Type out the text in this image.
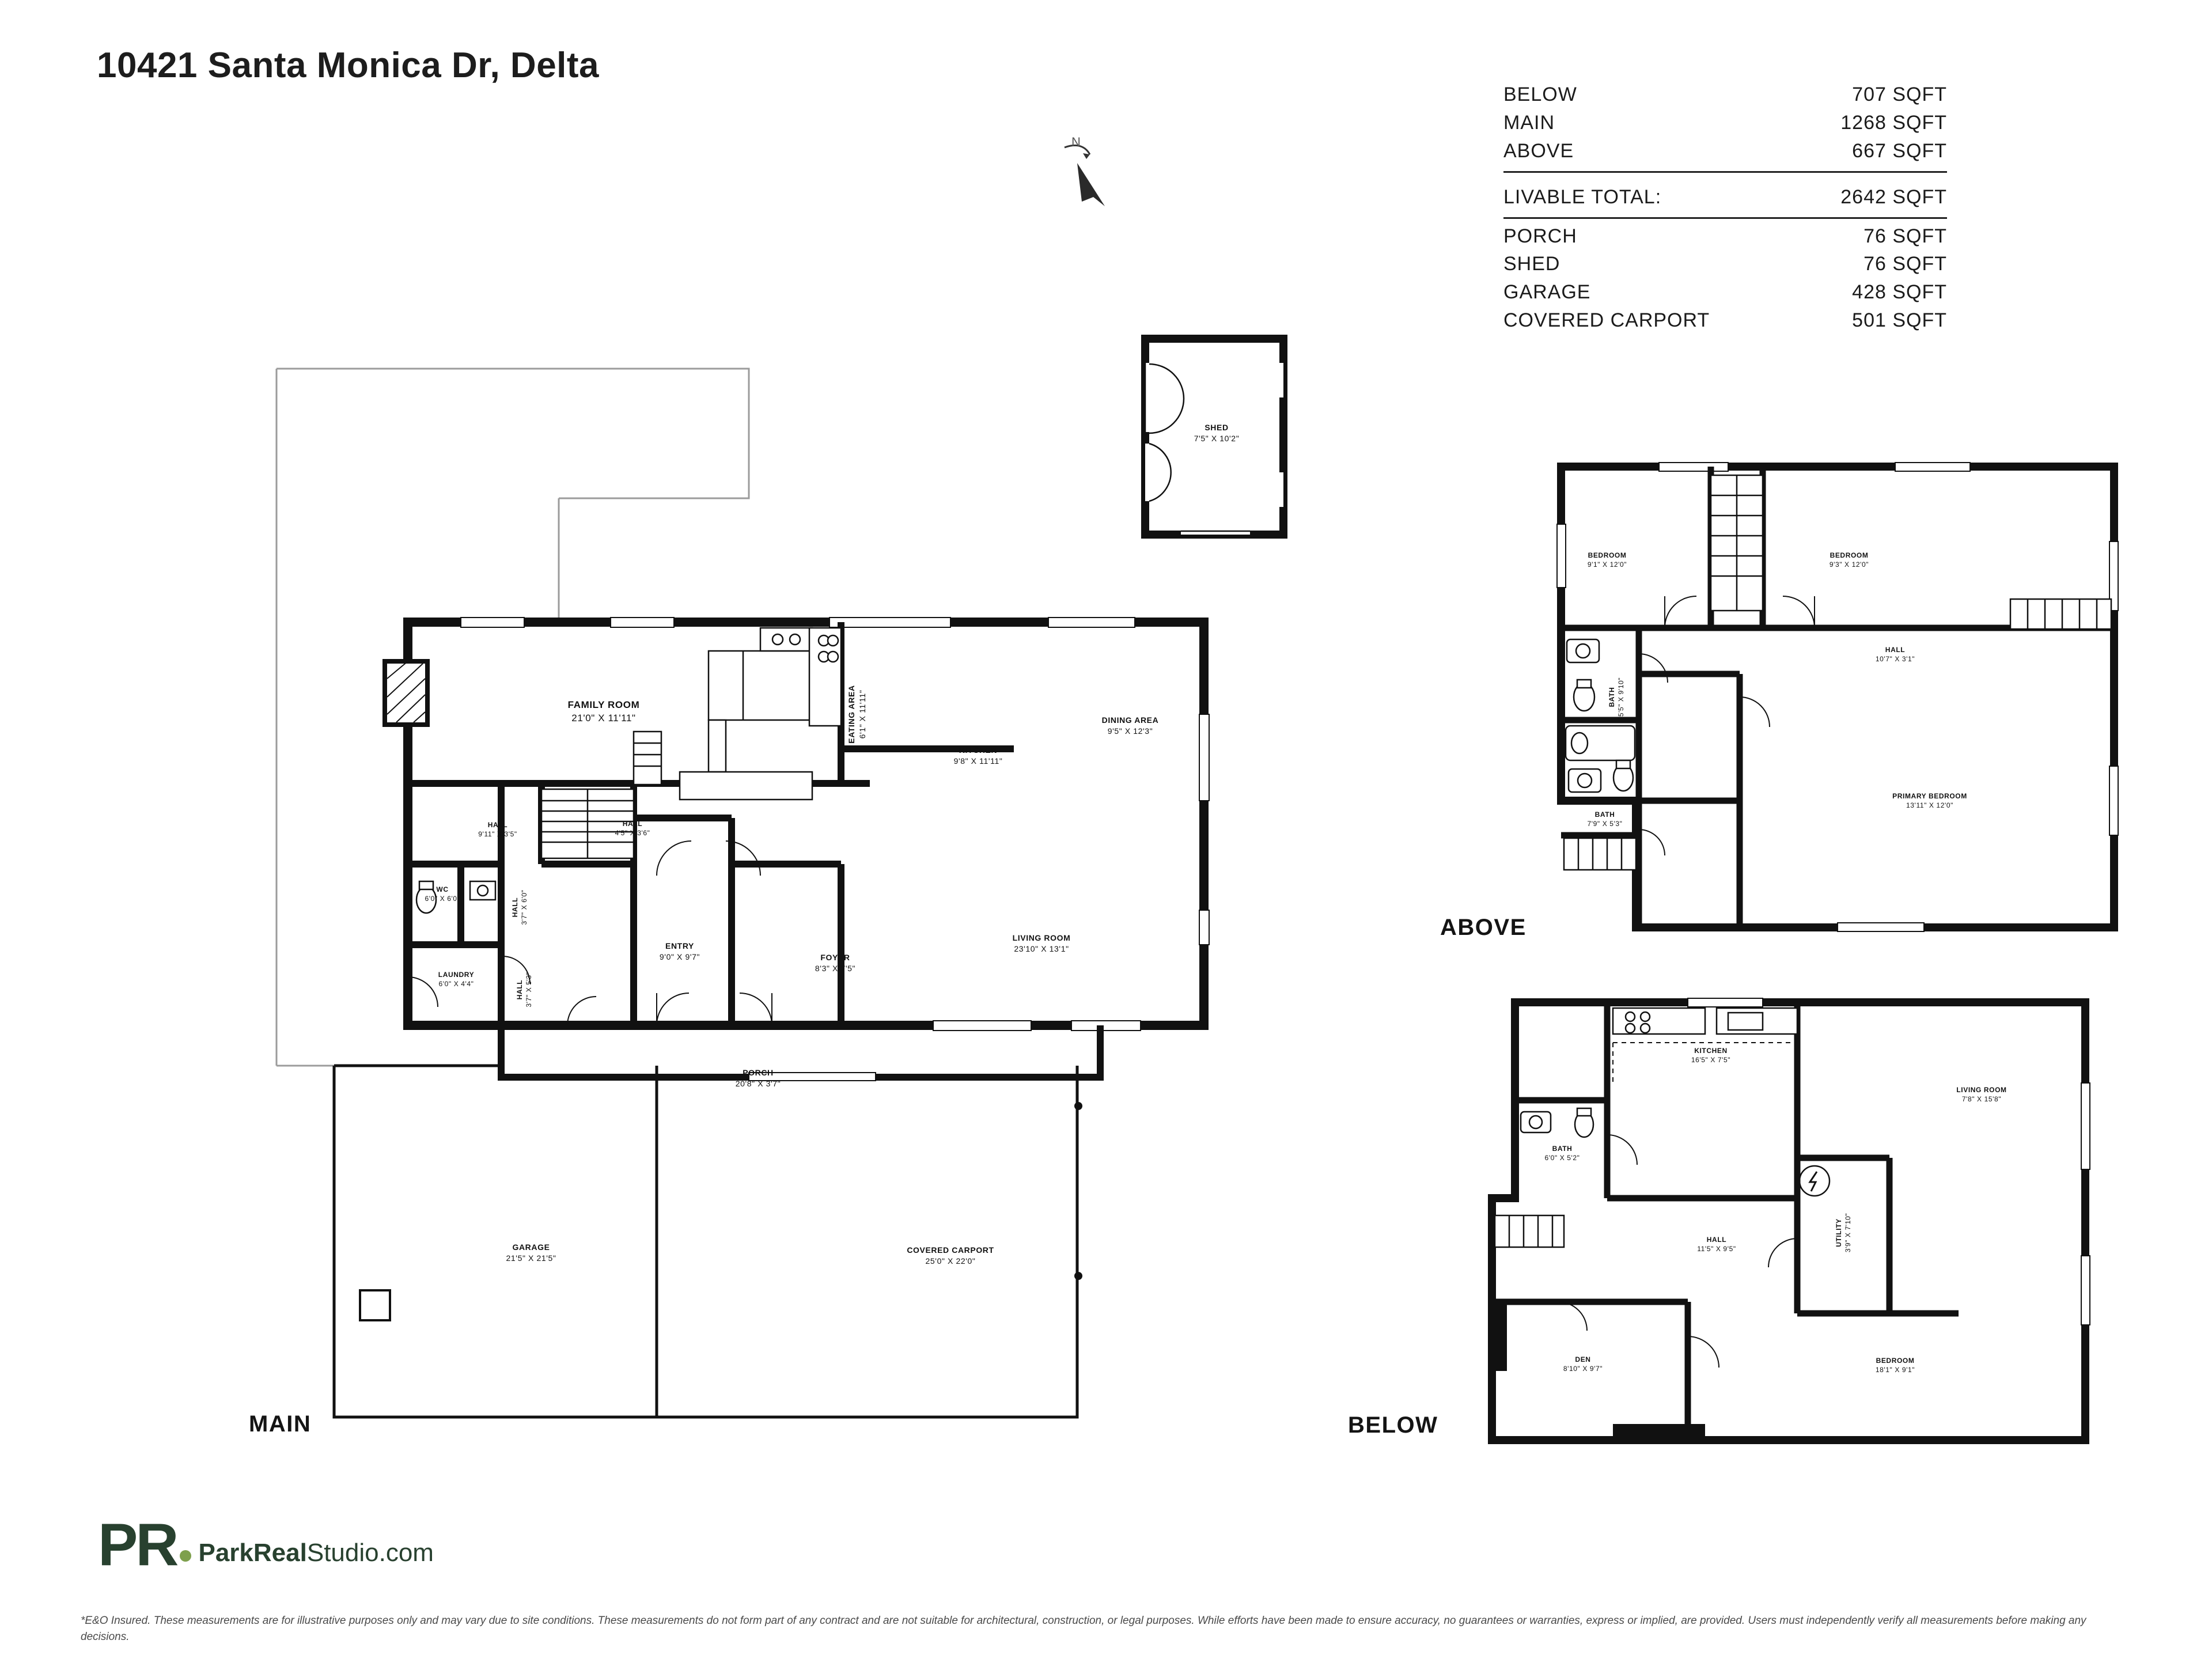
10421 Santa Monica Dr, Delta
BELOW	707 SQFT
MAIN	1268 SQFT
ABOVE	667 SQFT
LIVABLE TOTAL:	2642 SQFT
PORCH	76 SQFT
SHED	76 SQFT
GARAGE	428 SQFT
COVERED CARPORT	501 SQFT
N
MAIN
ABOVE
BELOW
SHED
7'5" X 10'2"
FAMILY ROOM
21'0" X 11'11"	EATING AREA 6'1" X 11'11"
KITCHEN
9'8" X 11'11"
DINING AREA
9'5" X 12'3"
LIVING ROOM
23'10" X 13'1"
HALL
9'11" X 3'5"
HALL
4'5" X 3'6"
HALL 3'7" X 6'0"
HALL 3'7" X 5'3"
WC
6'0" X 6'0"
LAUNDRY
6'0" X 4'4"
ENTRY
9'0" X 9'7"	FOYER
8'3" X 7'5"
PORCH
20'8" X 3'7"
GARAGE
21'5" X 21'5"
COVERED CARPORT
25'0" X 22'0"
BEDROOM
9'1" X 12'0"
BEDROOM
9'3" X 12'0"
HALL
10'7" X 3'1"
BATH 5'5" X 9'10"
PRIMARY BEDROOM
13'11" X 12'0"
BATH
7'9" X 5'3"
KITCHEN
16'5" X 7'5"
LIVING ROOM
7'8" X 15'8"
BATH
6'0" X 5'2"
HALL
11'5" X 9'5"
UTILITY 3'9" X 7'10"
DEN
8'10" X 9'7"
BEDROOM
18'1" X 9'1"
PR ParkRealStudio.com
*E&O Insured. These measurements are for illustrative purposes only and may vary due to site conditions. These measurements do not form part of any contract and are not suitable for architectural, construction, or legal purposes. While efforts have been made to ensure accuracy, no guarantees or warranties, express or implied, are provided. Users must independently verify all measurements before making any decisions.
